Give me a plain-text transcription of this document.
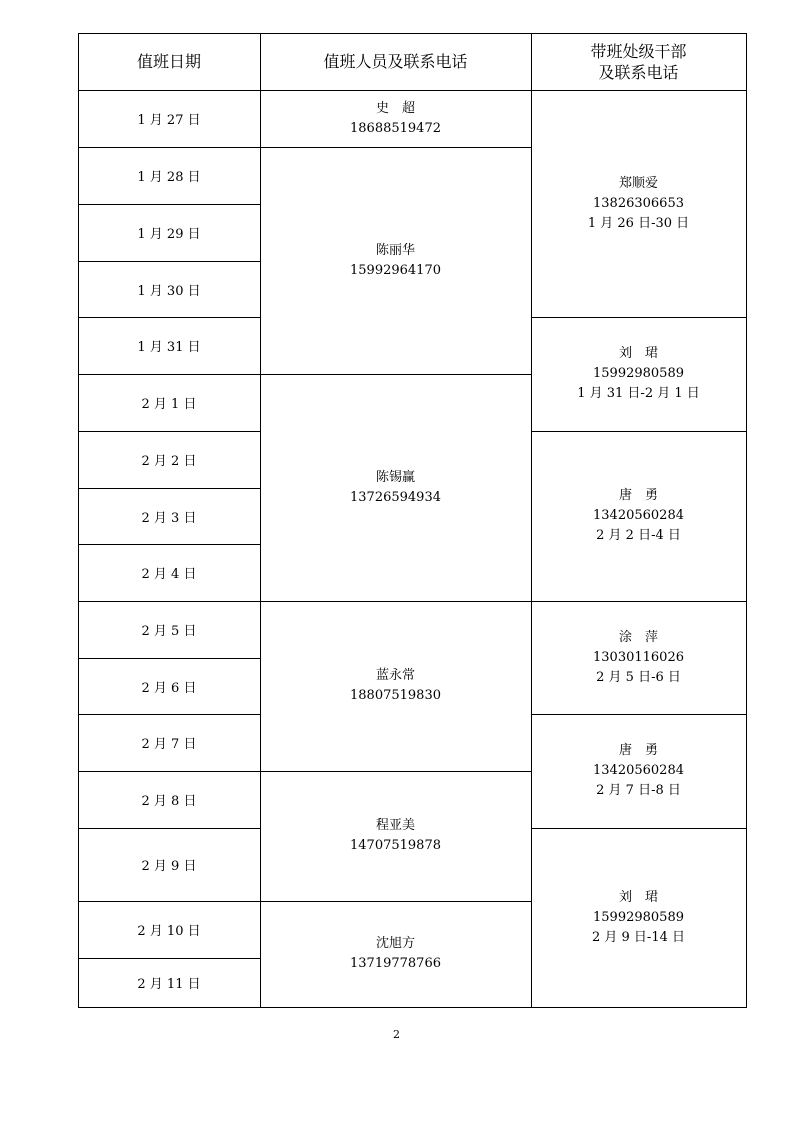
值班日期	值班人员及联系电话
带班处级干部
及联系电话
1 月 27 日
1 月 28 日
1 月 29 日
1 月 30 日
1 月 31 日
2 月 1 日
2 月 2 日
2 月 3 日
2 月 4 日
2 月 5 日
2 月 6 日
2 月 7 日
2 月 8 日
2 月 9 日
2 月 10 日
2 月 11 日
史　超
18688519472
陈丽华
15992964170
陈锡赢
13726594934
蓝永常
18807519830
程亚美
14707519878
沈旭方
13719778766
郑顺爱
13826306653
1 月 26 日-30 日
刘　珺
15992980589
1 月 31 日-2 月 1 日
唐　勇
13420560284
2 月 2 日-4 日
涂　萍
13030116026
2 月 5 日-6 日
唐　勇
13420560284
2 月 7 日-8 日
刘　珺
15992980589
2 月 9 日-14 日
2
